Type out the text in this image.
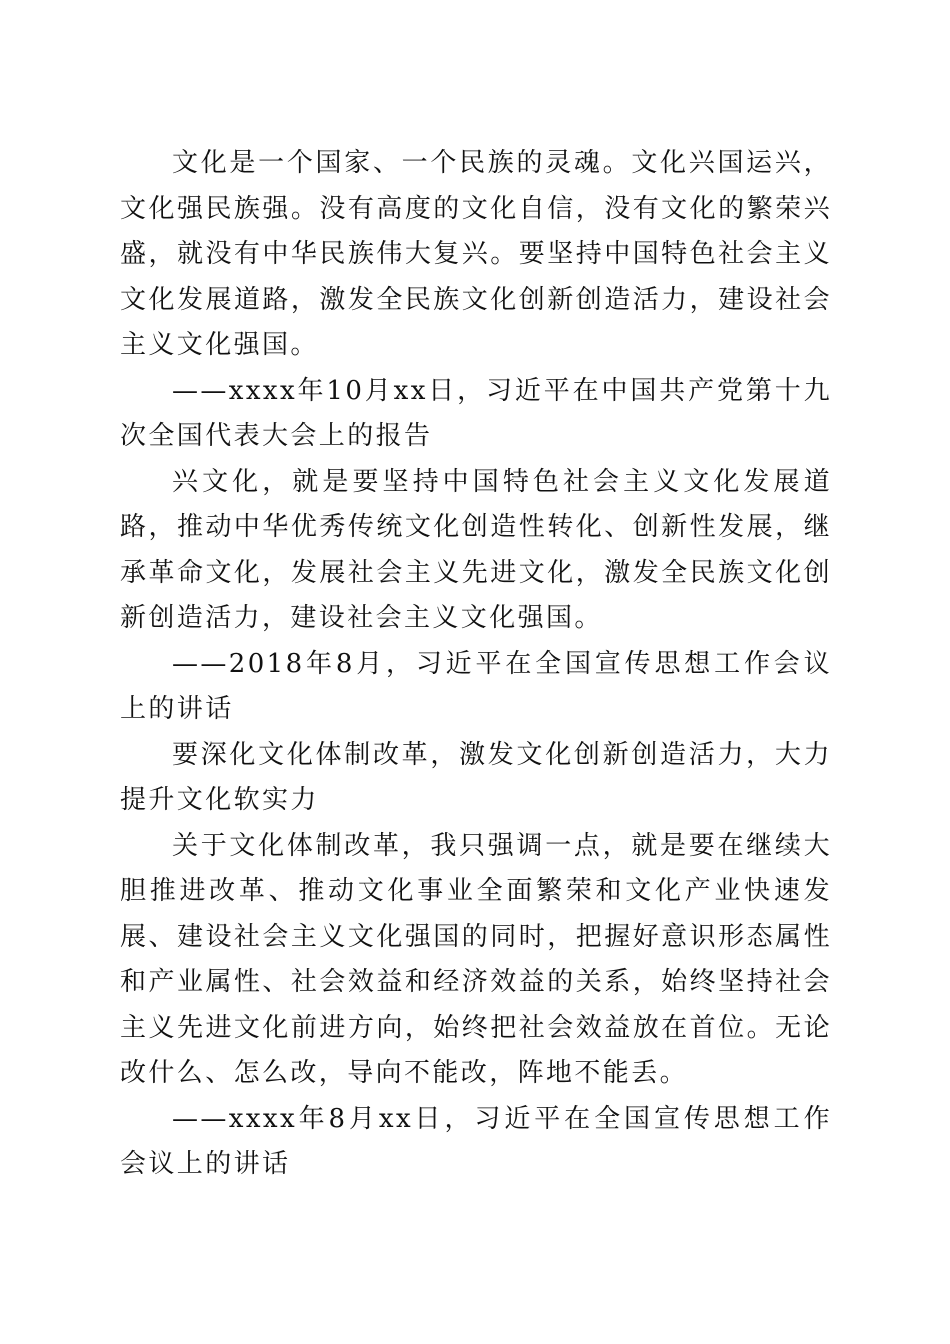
文化是一个国家、一个民族的灵魂。文化兴国运兴，文化强民族强。没有高度的文化自信，没有文化的繁荣兴盛，就没有中华民族伟大复兴。要坚持中国特色社会主义文化发展道路，激发全民族文化创新创造活力，建设社会主义文化强国。

——xxxx年10月xx日，习近平在中国共产党第十九次全国代表大会上的报告

兴文化，就是要坚持中国特色社会主义文化发展道路，推动中华优秀传统文化创造性转化、创新性发展，继承革命文化，发展社会主义先进文化，激发全民族文化创新创造活力，建设社会主义文化强国。

——2018年8月，习近平在全国宣传思想工作会议上的讲话

要深化文化体制改革，激发文化创新创造活力，大力提升文化软实力

关于文化体制改革，我只强调一点，就是要在继续大胆推进改革、推动文化事业全面繁荣和文化产业快速发展、建设社会主义文化强国的同时，把握好意识形态属性和产业属性、社会效益和经济效益的关系，始终坚持社会主义先进文化前进方向，始终把社会效益放在首位。无论改什么、怎么改，导向不能改，阵地不能丢。

——xxxx年8月xx日，习近平在全国宣传思想工作会议上的讲话
